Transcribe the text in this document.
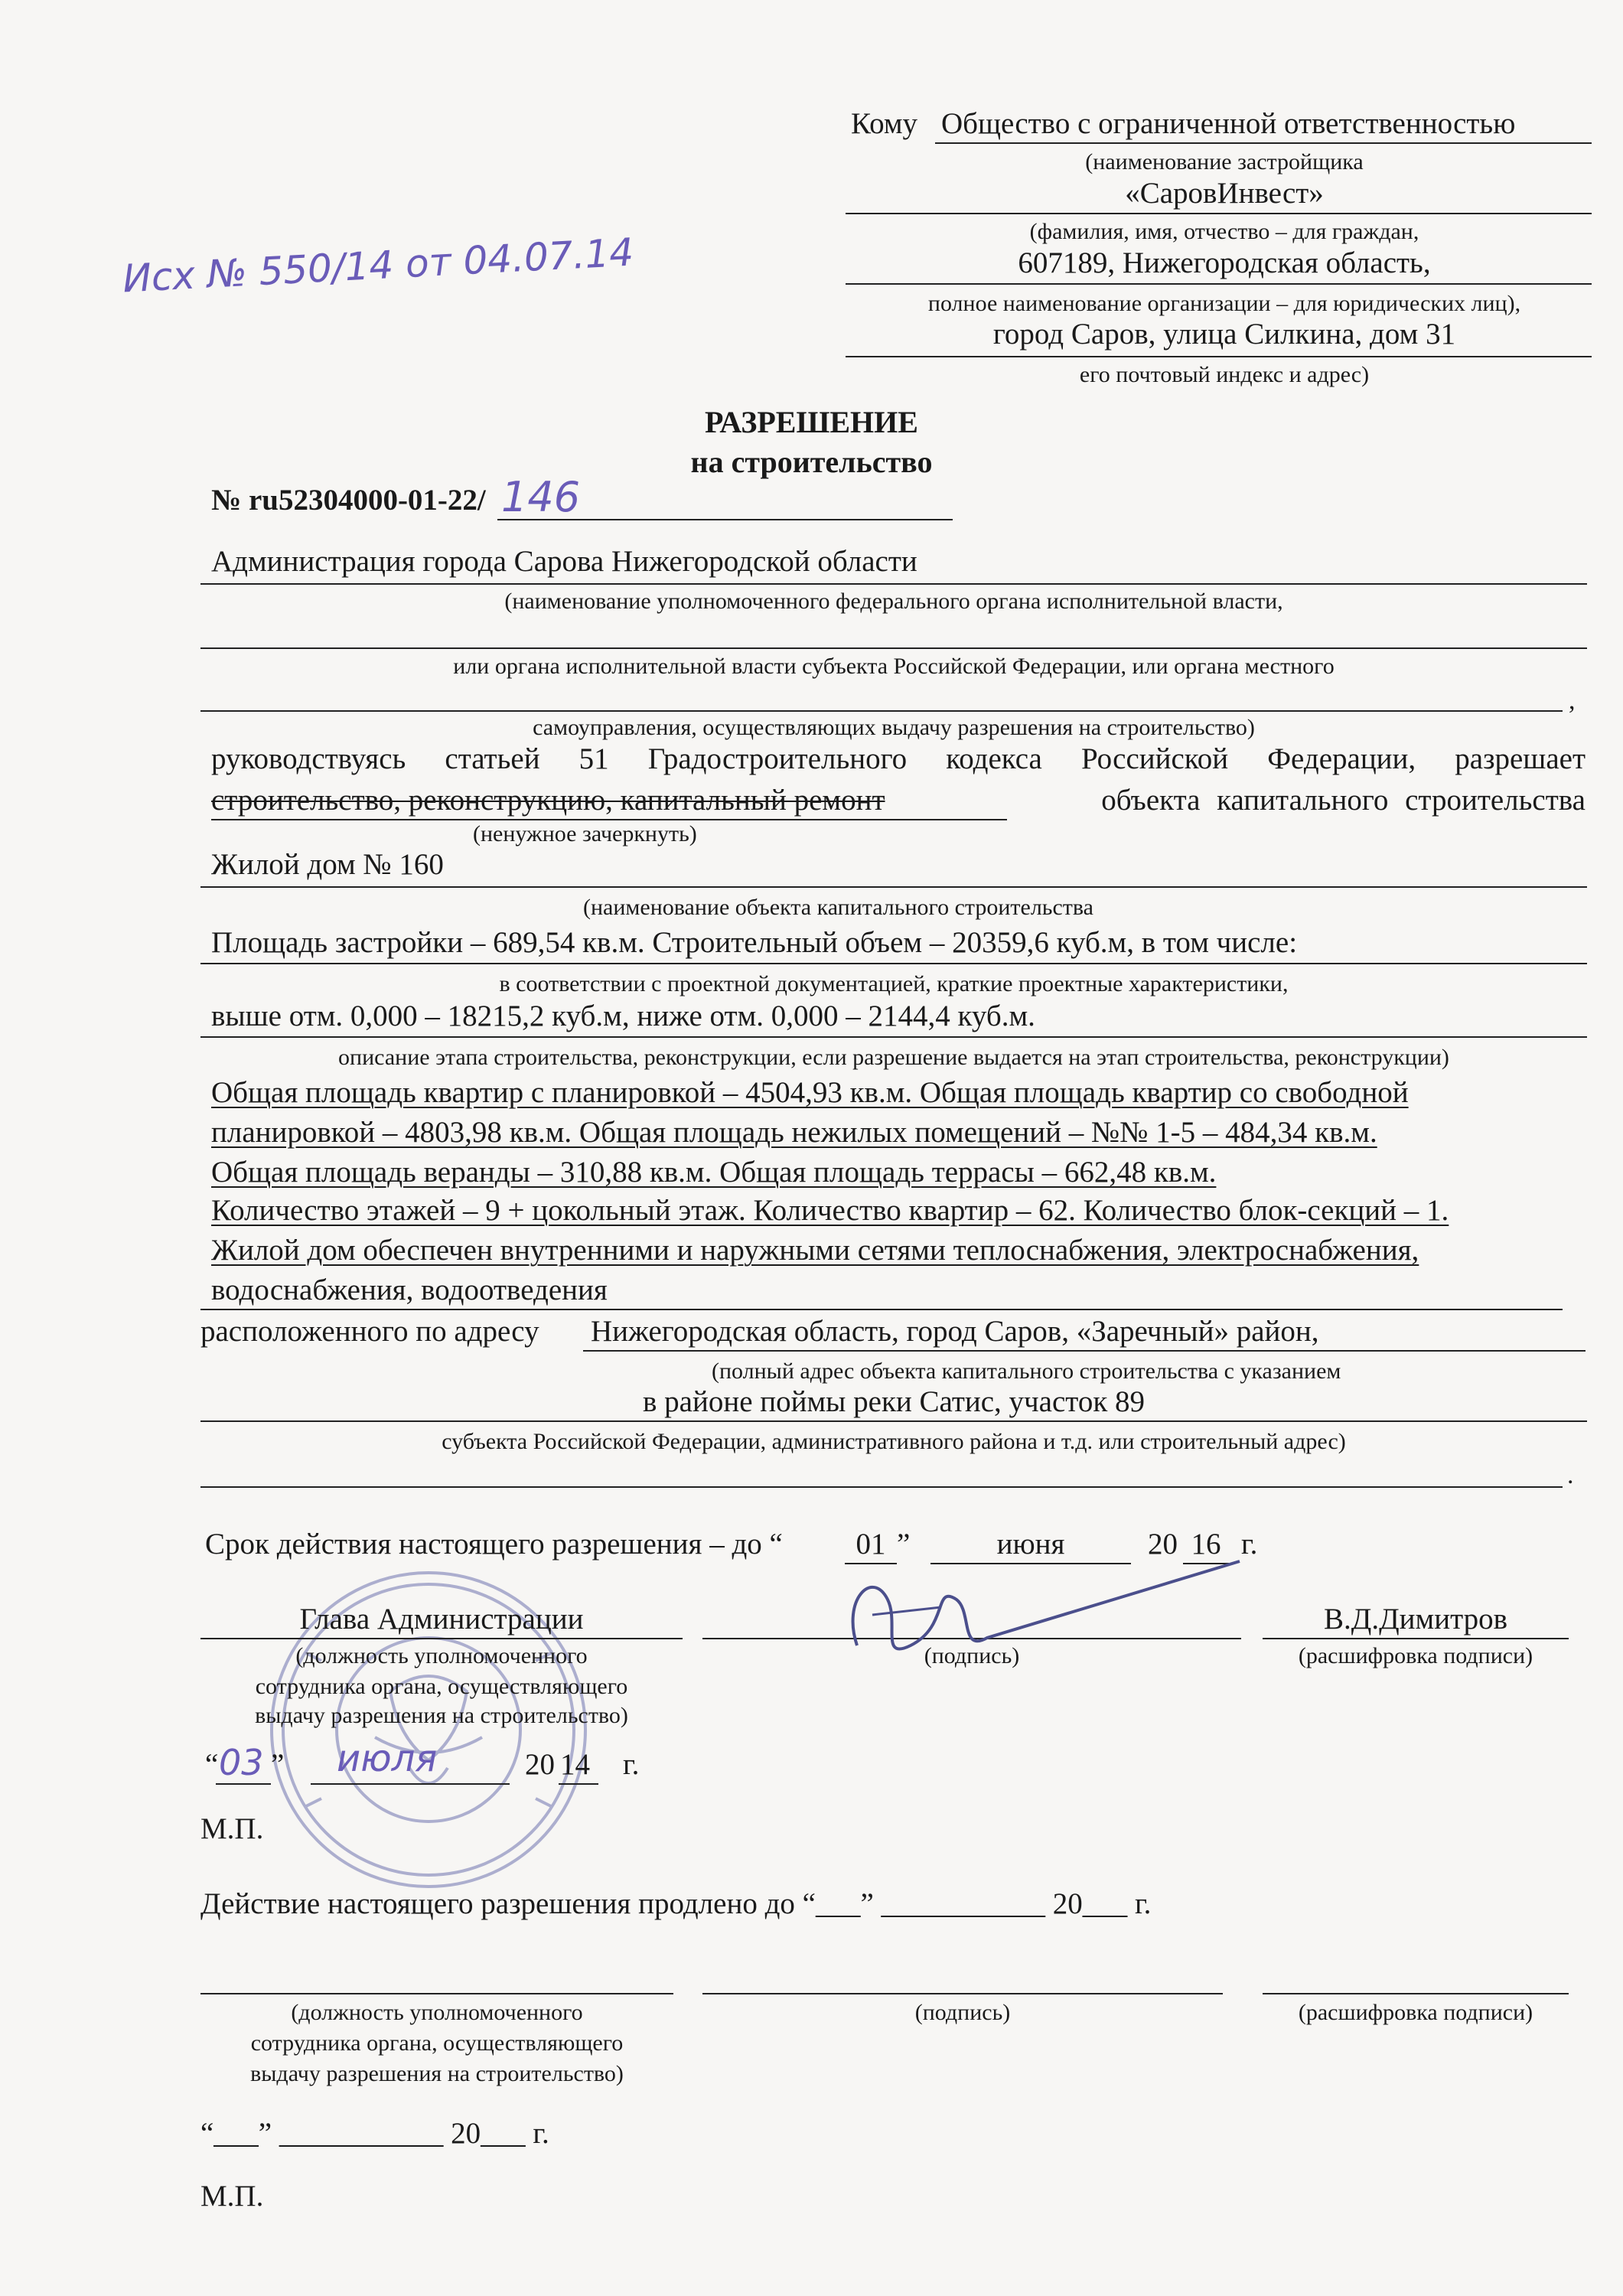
Кому Общество с ограниченной ответственностью
(наименование застройщика
«СаровИнвест»
(фамилия, имя, отчество – для граждан,
607189, Нижегородская область,
полное наименование организации – для юридических лиц),
город Саров, улица Силкина, дом 31
его почтовый индекс и адрес)
Исх № 550/14 от 04.07.14
РАЗРЕШЕНИЕ
на строительство
№ ru52304000-01-22/ 146
Администрация города Сарова Нижегородской области
(наименование уполномоченного федерального органа исполнительной власти,
или органа исполнительной власти субъекта Российской Федерации, или органа местного
,
самоуправления, осуществляющих выдачу разрешения на строительство)
руководствуясь статьей 51 Градостроительного кодекса Российской Федерации, разрешает
строительство, реконструкцию, капитальный ремонт	объекта капитального строительства
(ненужное зачеркнуть)
Жилой дом № 160
(наименование объекта капитального строительства
Площадь застройки – 689,54 кв.м. Строительный объем – 20359,6 куб.м, в том числе:
в соответствии с проектной документацией, краткие проектные характеристики,
выше отм. 0,000 – 18215,2 куб.м, ниже отм. 0,000 – 2144,4 куб.м.
описание этапа строительства, реконструкции, если разрешение выдается на этап строительства, реконструкции)
Общая площадь квартир с планировкой – 4504,93 кв.м. Общая площадь квартир со свободной
планировкой – 4803,98 кв.м. Общая площадь нежилых помещений – №№ 1-5 – 484,34 кв.м.
Общая площадь веранды – 310,88 кв.м. Общая площадь террасы – 662,48 кв.м.
Количество этажей – 9 + цокольный этаж. Количество квартир – 62. Количество блок-секций – 1.
Жилой дом обеспечен внутренними и наружными сетями теплоснабжения, электроснабжения,
водоснабжения, водоотведения
расположенного по адресу Нижегородская область, город Саров, «Заречный» район,
(полный адрес объекта капитального строительства с указанием
в районе поймы реки Сатис, участок 89
субъекта Российской Федерации, административного района и т.д. или строительный адрес)
.
Срок действия настоящего разрешения – до “ 01 ”	июня	20 16 г.
Глава Администрации
(должность уполномоченного
сотрудника органа, осуществляющего
выдачу разрешения на строительство)
(подпись)
В.Д.Димитров
(расшифровка подписи)
“ 03 ” июля	20 14 г.
М.П.
Действие настоящего разрешения продлено до “___” ___________ 20___ г.
(должность уполномоченного
сотрудника органа, осуществляющего
выдачу разрешения на строительство)
(подпись)	(расшифровка подписи)
“___” ___________ 20___ г.
М.П.
